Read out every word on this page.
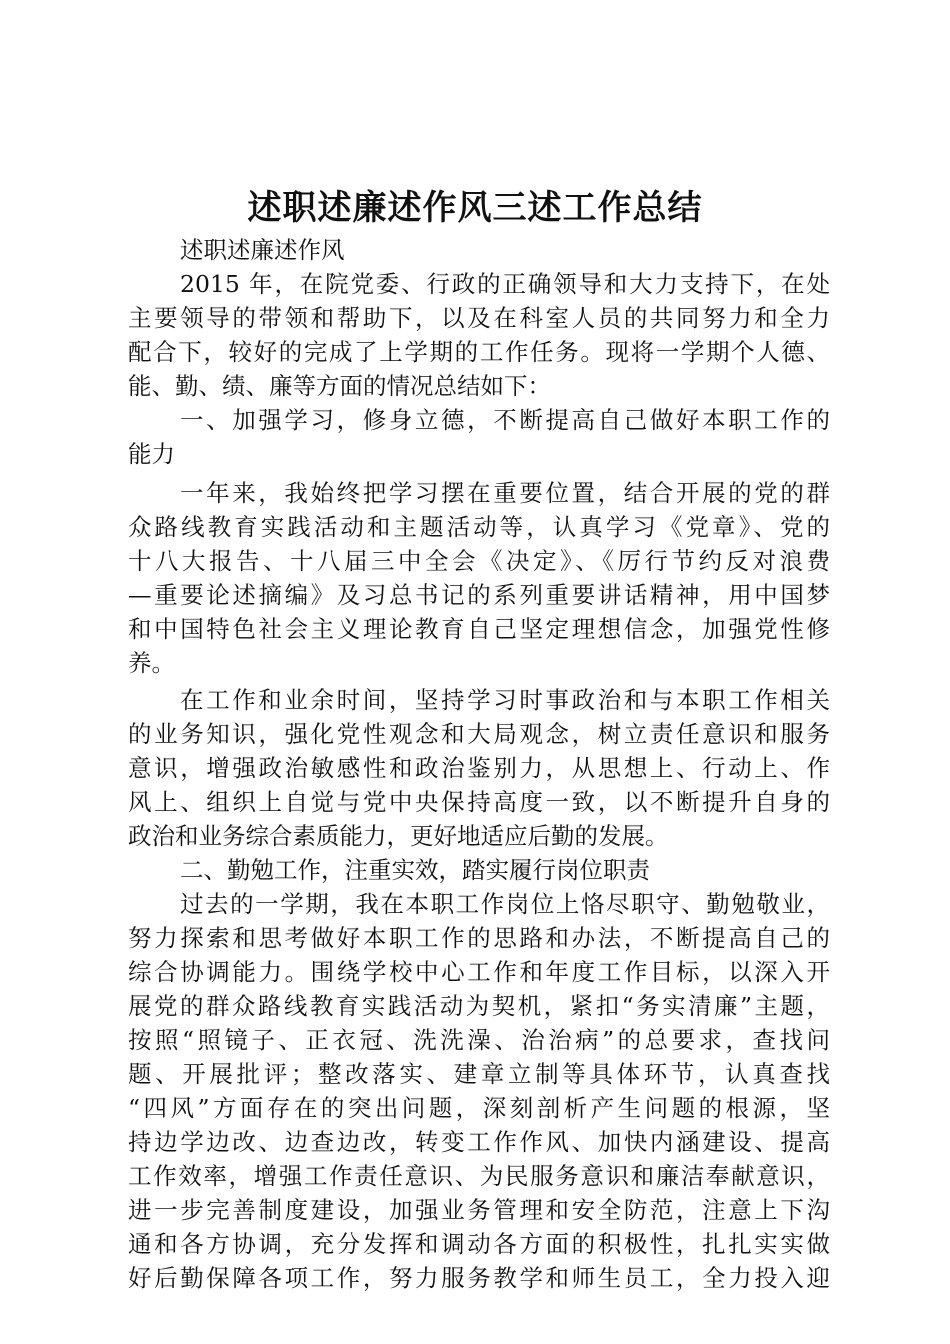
述职述廉述作风三述工作总结

述职述廉述作风

2015 年，在院党委、行政的正确领导和大力支持下，在处

主要领导的带领和帮助下，以及在科室人员的共同努力和全力

配合下，较好的完成了上学期的工作任务。现将一学期个人德、

能、勤、绩、廉等方面的情况总结如下：

一、加强学习，修身立德，不断提高自己做好本职工作的

能力

一年来，我始终把学习摆在重要位置，结合开展的党的群

众路线教育实践活动和主题活动等，认真学习《党章》、党的

十八大报告、十八届三中全会《决定》、《厉行节约反对浪费

—重要论述摘编》及习总书记的系列重要讲话精神，用中国梦

和中国特色社会主义理论教育自己坚定理想信念，加强党性修

养。

在工作和业余时间，坚持学习时事政治和与本职工作相关

的业务知识，强化党性观念和大局观念，树立责任意识和服务

意识，增强政治敏感性和政治鉴别力，从思想上、行动上、作

风上、组织上自觉与党中央保持高度一致，以不断提升自身的

政治和业务综合素质能力，更好地适应后勤的发展。

二、勤勉工作，注重实效，踏实履行岗位职责

过去的一学期，我在本职工作岗位上恪尽职守、勤勉敬业，

努力探索和思考做好本职工作的思路和办法，不断提高自己的

综合协调能力。围绕学校中心工作和年度工作目标，以深入开

展党的群众路线教育实践活动为契机，紧扣“务实清廉”主题，

按照“照镜子、正衣冠、洗洗澡、治治病”的总要求，查找问

题、开展批评；整改落实、建章立制等具体环节，认真查找

“四风”方面存在的突出问题，深刻剖析产生问题的根源，坚

持边学边改、边查边改，转变工作作风、加快内涵建设、提高

工作效率，增强工作责任意识、为民服务意识和廉洁奉献意识，

进一步完善制度建设，加强业务管理和安全防范，注意上下沟

通和各方协调，充分发挥和调动各方面的积极性，扎扎实实做

好后勤保障各项工作，努力服务教学和师生员工，全力投入迎
